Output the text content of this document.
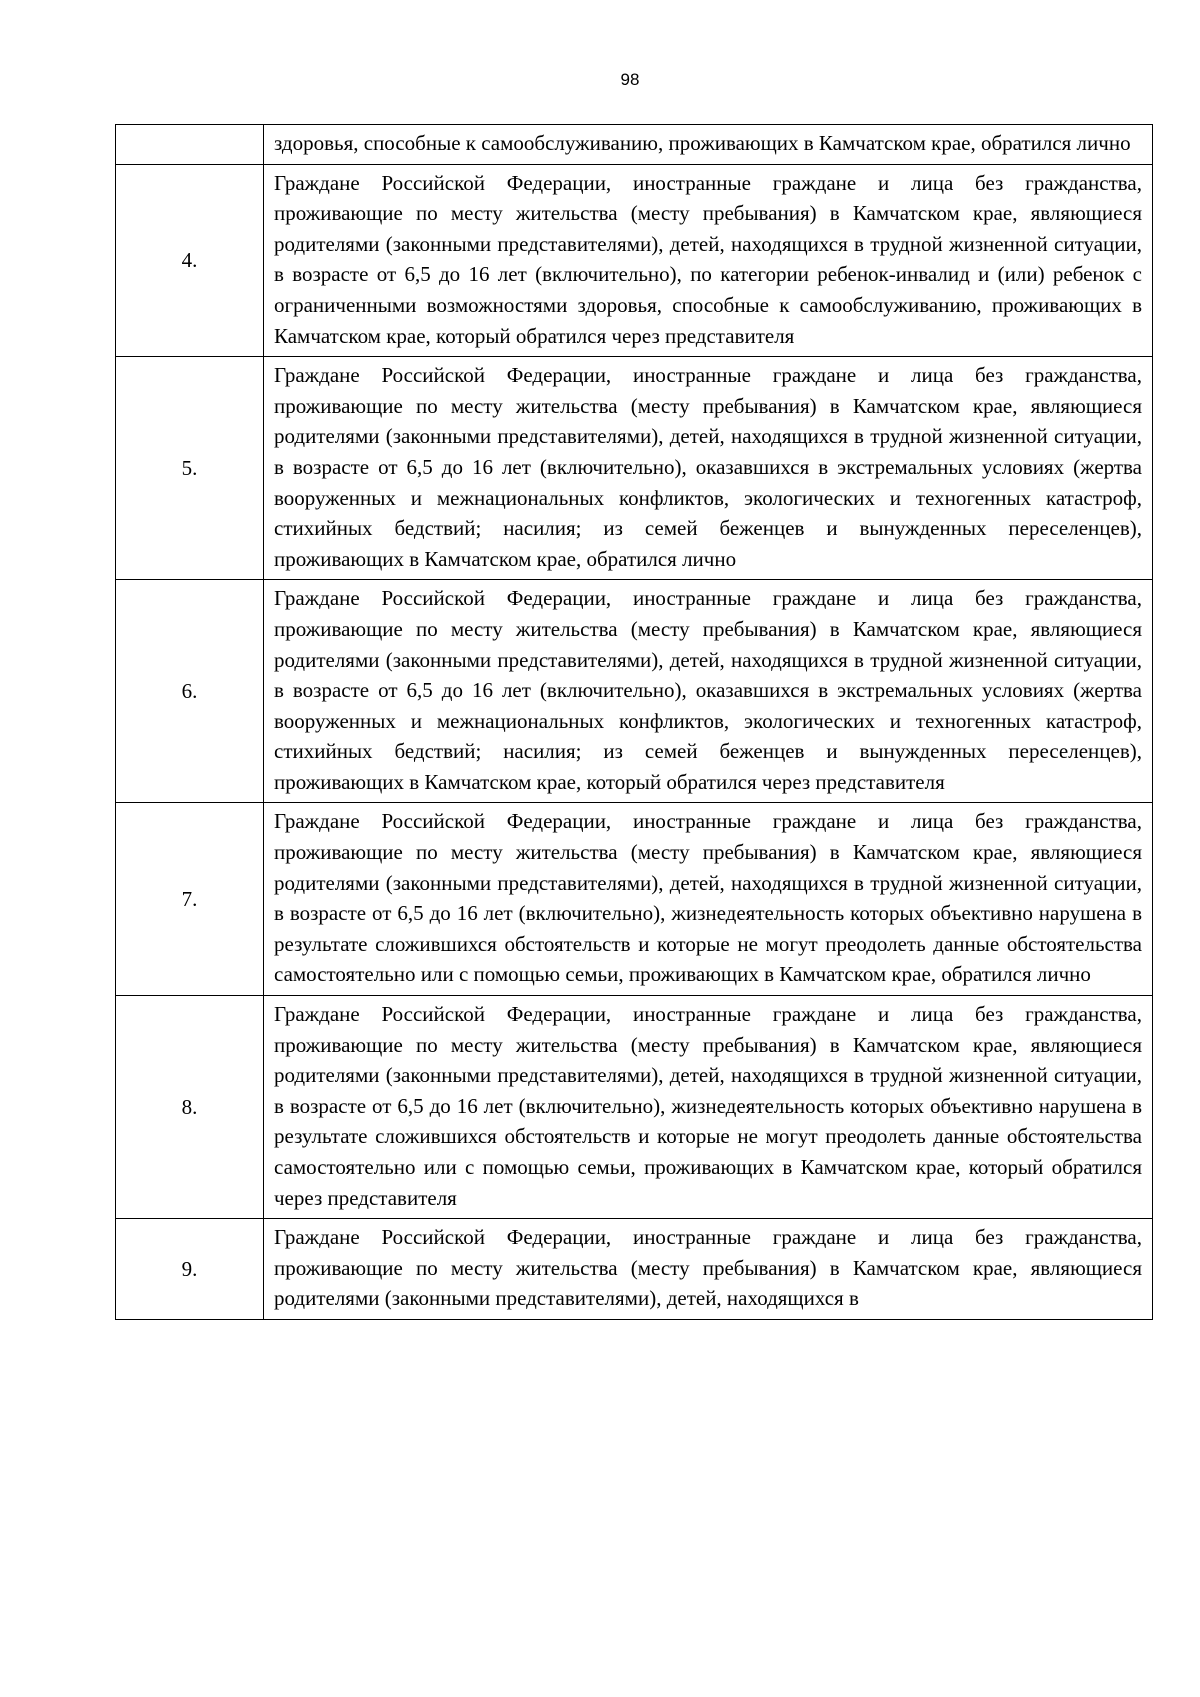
98
	здоровья, способные к самообслуживанию, проживающих в Камчатском крае, обратился лично
4.	Граждане Российской Федерации, иностранные граждане и лица без гражданства, проживающие по месту жительства (месту пребывания) в Камчатском крае, являющиеся родителями (законными представителями), детей, находящихся в трудной жизненной ситуации, в возрасте от 6,5 до 16 лет (включительно), по категории ребенок-инвалид и (или) ребенок с ограниченными возможностями здоровья, способные к самообслуживанию, проживающих в Камчатском крае, который обратился через представителя
5.	Граждане Российской Федерации, иностранные граждане и лица без гражданства, проживающие по месту жительства (месту пребывания) в Камчатском крае, являющиеся родителями (законными представителями), детей, находящихся в трудной жизненной ситуации, в возрасте от 6,5 до 16 лет (включительно), оказавшихся в экстремальных условиях (жертва вооруженных и межнациональных конфликтов, экологических и техногенных катастроф, стихийных бедствий; насилия; из семей беженцев и вынужденных переселенцев), проживающих в Камчатском крае, обратился лично
6.	Граждане Российской Федерации, иностранные граждане и лица без гражданства, проживающие по месту жительства (месту пребывания) в Камчатском крае, являющиеся родителями (законными представителями), детей, находящихся в трудной жизненной ситуации, в возрасте от 6,5 до 16 лет (включительно), оказавшихся в экстремальных условиях (жертва вооруженных и межнациональных конфликтов, экологических и техногенных катастроф, стихийных бедствий; насилия; из семей беженцев и вынужденных переселенцев), проживающих в Камчатском крае, который обратился через представителя
7.	Граждане Российской Федерации, иностранные граждане и лица без гражданства, проживающие по месту жительства (месту пребывания) в Камчатском крае, являющиеся родителями (законными представителями), детей, находящихся в трудной жизненной ситуации, в возрасте от 6,5 до 16 лет (включительно), жизнедеятельность которых объективно нарушена в результате сложившихся обстоятельств и которые не могут преодолеть данные обстоятельства самостоятельно или с помощью семьи, проживающих в Камчатском крае, обратился лично
8.	Граждане Российской Федерации, иностранные граждане и лица без гражданства, проживающие по месту жительства (месту пребывания) в Камчатском крае, являющиеся родителями (законными представителями), детей, находящихся в трудной жизненной ситуации, в возрасте от 6,5 до 16 лет (включительно), жизнедеятельность которых объективно нарушена в результате сложившихся обстоятельств и которые не могут преодолеть данные обстоятельства самостоятельно или с помощью семьи, проживающих в Камчатском крае, который обратился через представителя
9.	Граждане Российской Федерации, иностранные граждане и лица без гражданства, проживающие по месту жительства (месту пребывания) в Камчатском крае, являющиеся родителями (законными представителями), детей, находящихся в
